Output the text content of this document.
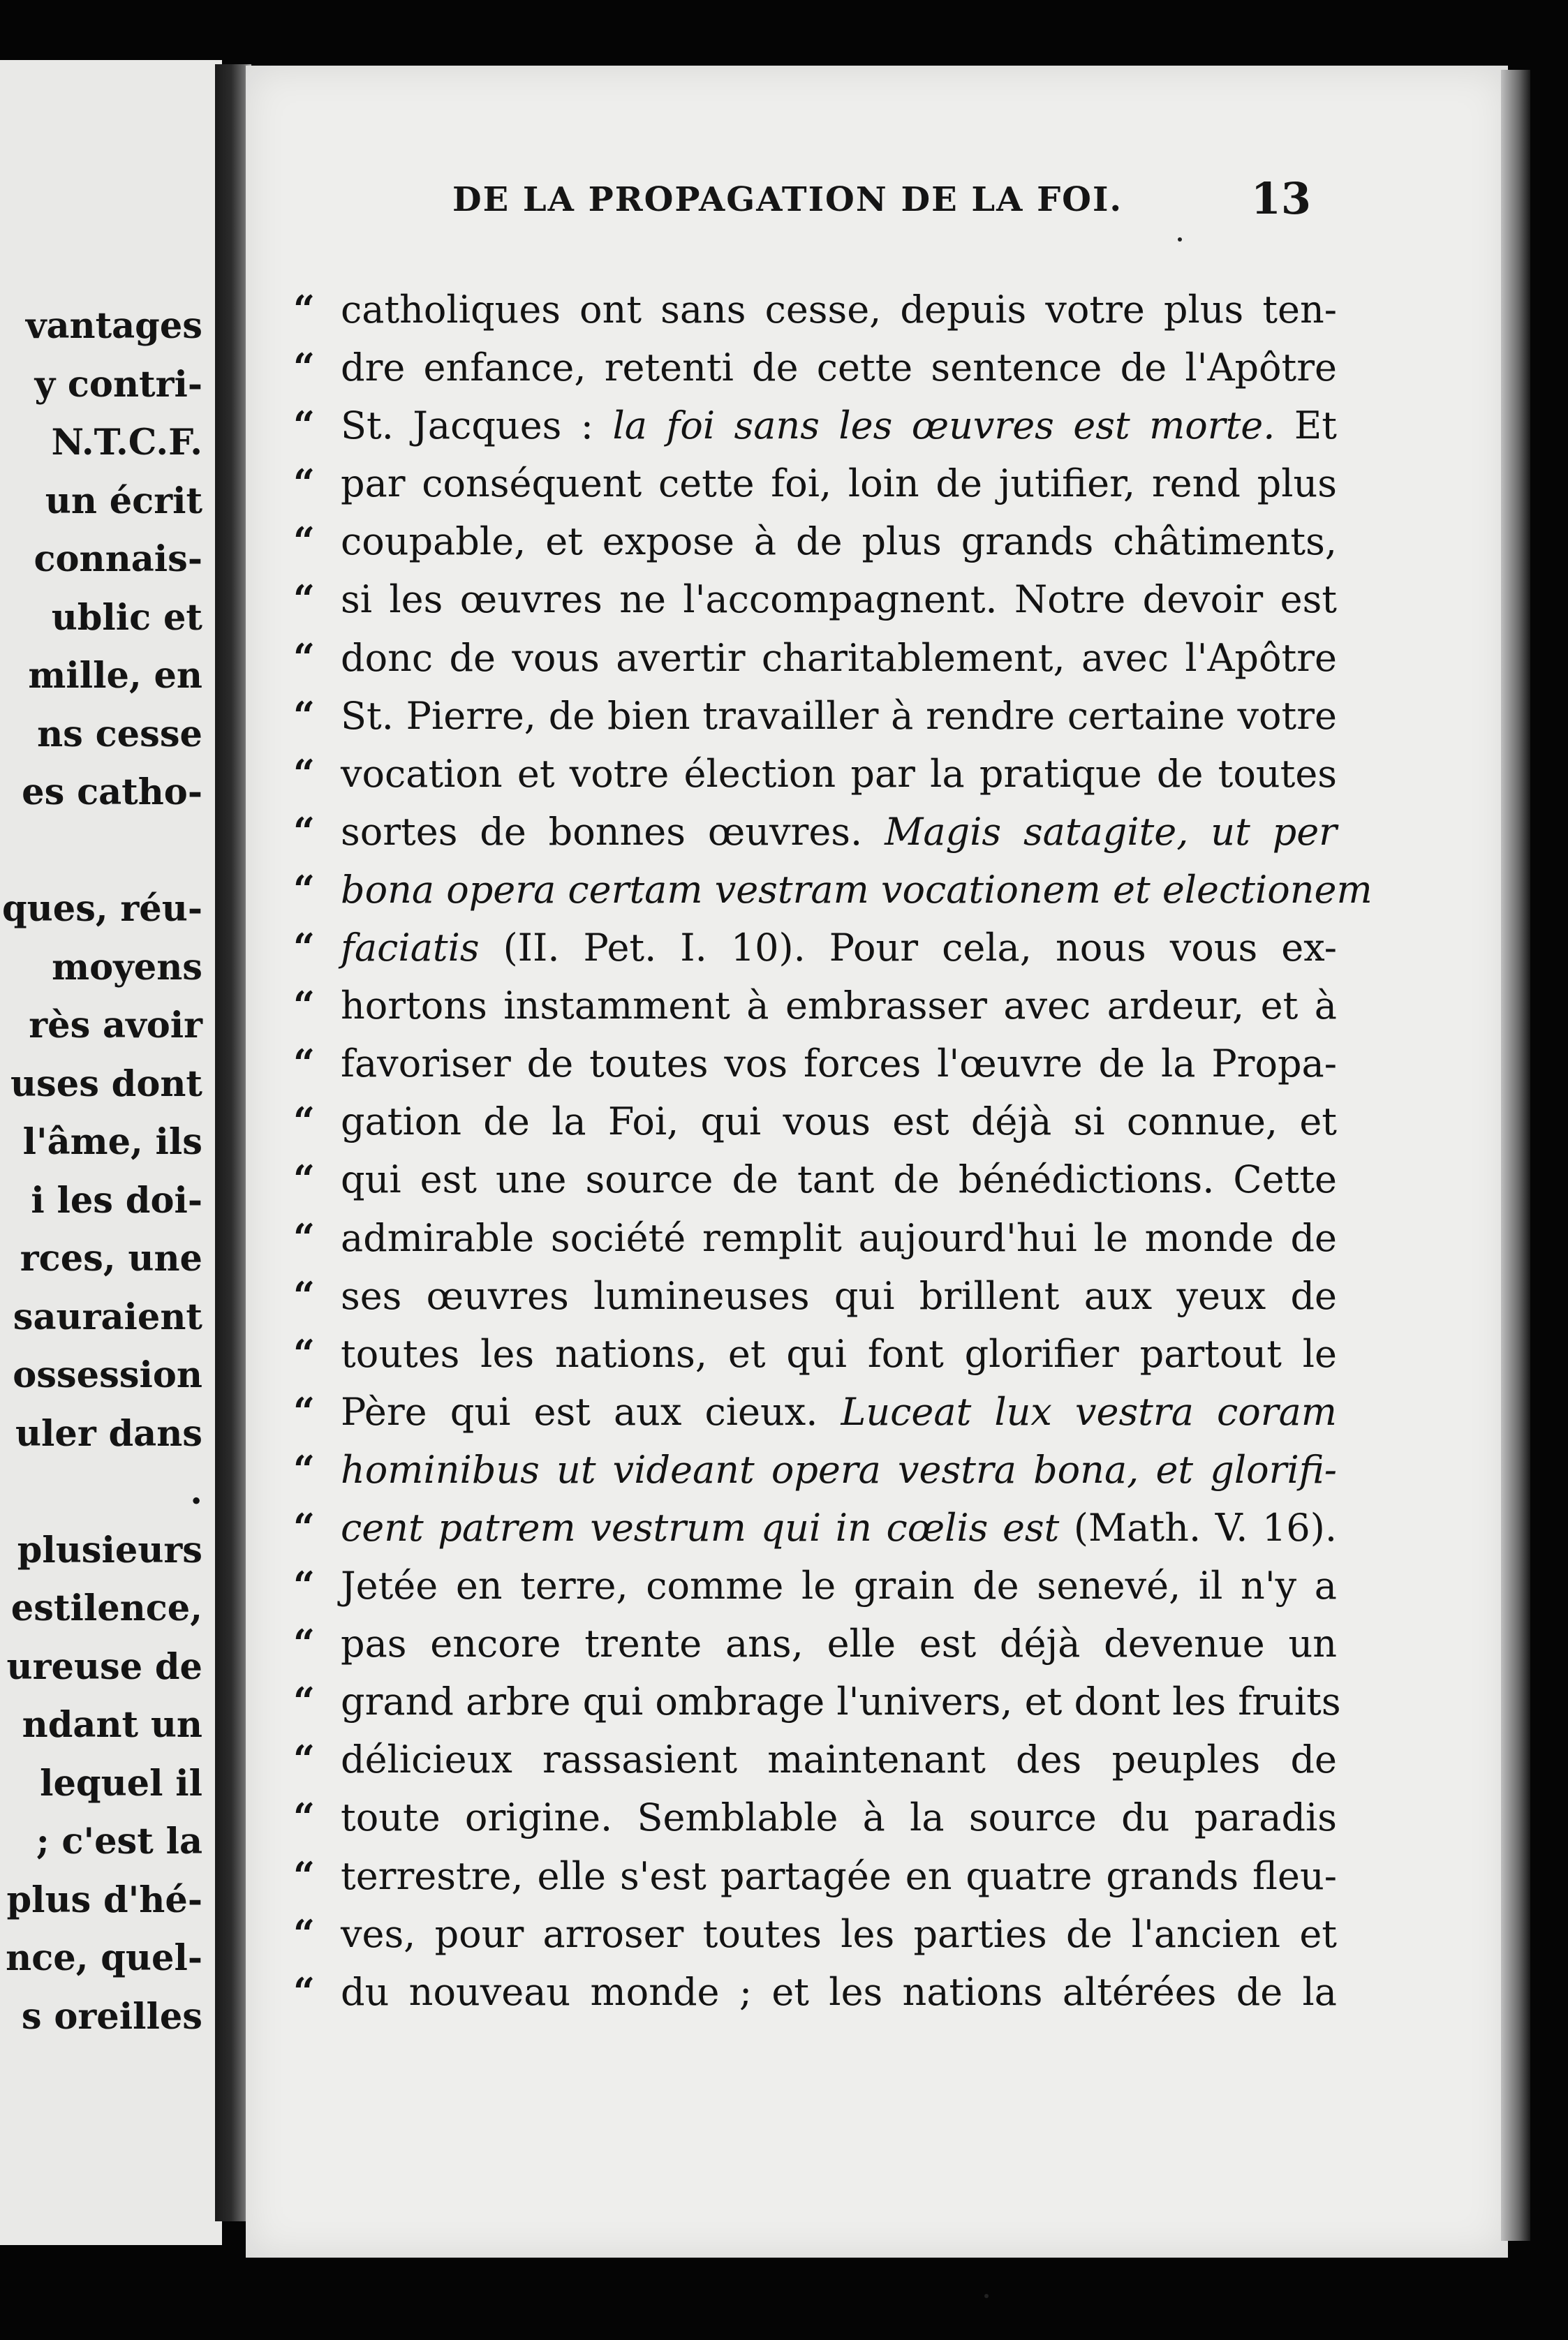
vantages
y contri-
N.T.C.F.
un écrit
connais-
ublic et
mille, en
ns cesse
es catho-
ques, réu-
moyens
rès avoir
uses dont
l'âme, ils
i les doi-
rces, une
sauraient
ossession
uler dans
.
plusieurs
estilence,
ureuse de
ndant un
lequel il
; c'est la
plus d'hé-
nce, quel-
s oreilles
DE LA PROPAGATION DE LA FOI.	13
“ catholiques ont sans cesse, depuis votre plus ten-
“ dre enfance, retenti de cette sentence de l'Apôtre
“ St. Jacques : la foi sans les œuvres est morte. Et
“ par conséquent cette foi, loin de jutifier, rend plus
“ coupable, et expose à de plus grands châtiments,
“ si les œuvres ne l'accompagnent. Notre devoir est
“ donc de vous avertir charitablement, avec l'Apôtre
“ St. Pierre, de bien travailler à rendre certaine votre
“ vocation et votre élection par la pratique de toutes
“ sortes de bonnes œuvres. Magis satagite, ut per
“ bona opera certam vestram vocationem et electionem
“ faciatis (II. Pet. I. 10). Pour cela, nous vous ex-
“ hortons instamment à embrasser avec ardeur, et à
“ favoriser de toutes vos forces l'œuvre de la Propa-
“ gation de la Foi, qui vous est déjà si connue, et
“ qui est une source de tant de bénédictions. Cette
“ admirable société remplit aujourd'hui le monde de
“ ses œuvres lumineuses qui brillent aux yeux de
“ toutes les nations, et qui font glorifier partout le
“ Père qui est aux cieux. Luceat lux vestra coram
“ hominibus ut videant opera vestra bona, et glorifi-
“ cent patrem vestrum qui in cœlis est (Math. V. 16).
“ Jetée en terre, comme le grain de senevé, il n'y a
“ pas encore trente ans, elle est déjà devenue un
“ grand arbre qui ombrage l'univers, et dont les fruits
“ délicieux rassasient maintenant des peuples de
“ toute origine. Semblable à la source du paradis
“ terrestre, elle s'est partagée en quatre grands fleu-
“ ves, pour arroser toutes les parties de l'ancien et
“ du nouveau monde ; et les nations altérées de la
